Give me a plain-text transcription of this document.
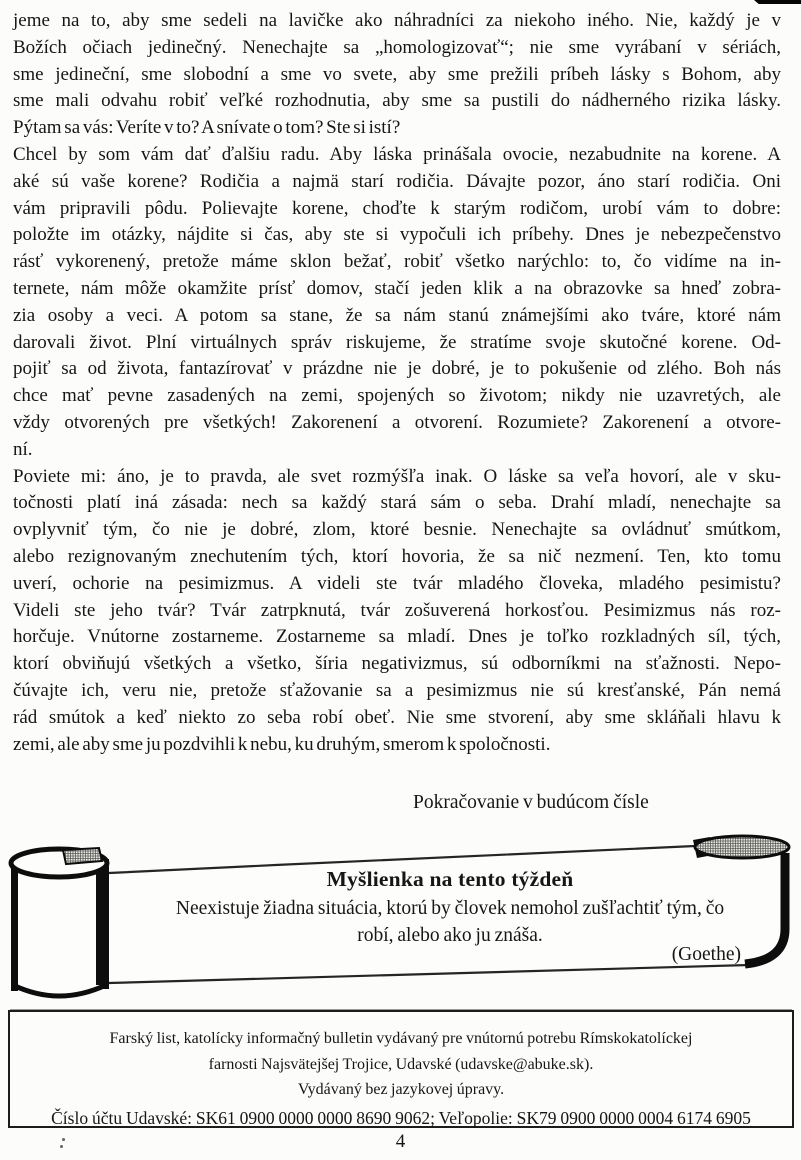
jeme na to, aby sme sedeli na lavičke ako náhradníci za niekoho iného. Nie, každý je v
Božích očiach jedinečný. Nenechajte sa „homologizovať“; nie sme vyrábaní v sériách,
sme jedineční, sme slobodní a sme vo svete, aby sme prežili príbeh lásky s Bohom, aby
sme mali odvahu robiť veľké rozhodnutia, aby sme sa pustili do nádherného rizika lásky.
Pýtam sa vás: Veríte v to? A snívate o tom? Ste si istí?
Chcel by som vám dať ďalšiu radu. Aby láska prinášala ovocie, nezabudnite na korene. A
aké sú vaše korene? Rodičia a najmä starí rodičia. Dávajte pozor, áno starí rodičia. Oni
vám pripravili pôdu. Polievajte korene, choďte k starým rodičom, urobí vám to dobre:
položte im otázky, nájdite si čas, aby ste si vypočuli ich príbehy. Dnes je nebezpečenstvo
rásť vykorenený, pretože máme sklon bežať, robiť všetko narýchlo: to, čo vidíme na in-
ternete, nám môže okamžite prísť domov, stačí jeden klik a na obrazovke sa hneď zobra-
zia osoby a veci. A potom sa stane, že sa nám stanú známejšími ako tváre, ktoré nám
darovali život. Plní virtuálnych správ riskujeme, že stratíme svoje skutočné korene. Od-
pojiť sa od života, fantazírovať v prázdne nie je dobré, je to pokušenie od zlého. Boh nás
chce mať pevne zasadených na zemi, spojených so životom; nikdy nie uzavretých, ale
vždy otvorených pre všetkých! Zakorenení a otvorení. Rozumiete? Zakorenení a otvore-
ní.
Poviete mi: áno, je to pravda, ale svet rozmýšľa inak. O láske sa veľa hovorí, ale v sku-
točnosti platí iná zásada: nech sa každý stará sám o seba. Drahí mladí, nenechajte sa
ovplyvniť tým, čo nie je dobré, zlom, ktoré besnie. Nenechajte sa ovládnuť smútkom,
alebo rezignovaným znechutením tých, ktorí hovoria, že sa nič nezmení. Ten, kto tomu
uverí, ochorie na pesimizmus. A videli ste tvár mladého človeka, mladého pesimistu?
Videli ste jeho tvár? Tvár zatrpknutá, tvár zošuverená horkosťou. Pesimizmus nás roz-
horčuje. Vnútorne zostarneme. Zostarneme sa mladí. Dnes je toľko rozkladných síl, tých,
ktorí obviňujú všetkých a všetko, šíria negativizmus, sú odborníkmi na sťažnosti. Nepo-
čúvajte ich, veru nie, pretože sťažovanie sa a pesimizmus nie sú kresťanské, Pán nemá
rád smútok a keď niekto zo seba robí obeť. Nie sme stvorení, aby sme skláňali hlavu k
zemi, ale aby sme ju pozdvihli k nebu, ku druhým, smerom k spoločnosti.
Pokračovanie v budúcom čísle
Myšlienka na tento týždeň
Neexistuje žiadna situácia, ktorú by človek nemohol zušľachtiť tým, čo
robí, alebo ako ju znáša.
(Goethe)
Farský list, katolícky informačný bulletin vydávaný pre vnútornú potrebu Rímskokatolíckej
farnosti Najsvätejšej Trojice, Udavské (udavske@abuke.sk).
Vydávaný bez jazykovej úpravy.
Číslo účtu Udavské: SK61 0900 0000 0000 8690 9062; Veľopolie: SK79 0900 0000 0004 6174 6905
4
